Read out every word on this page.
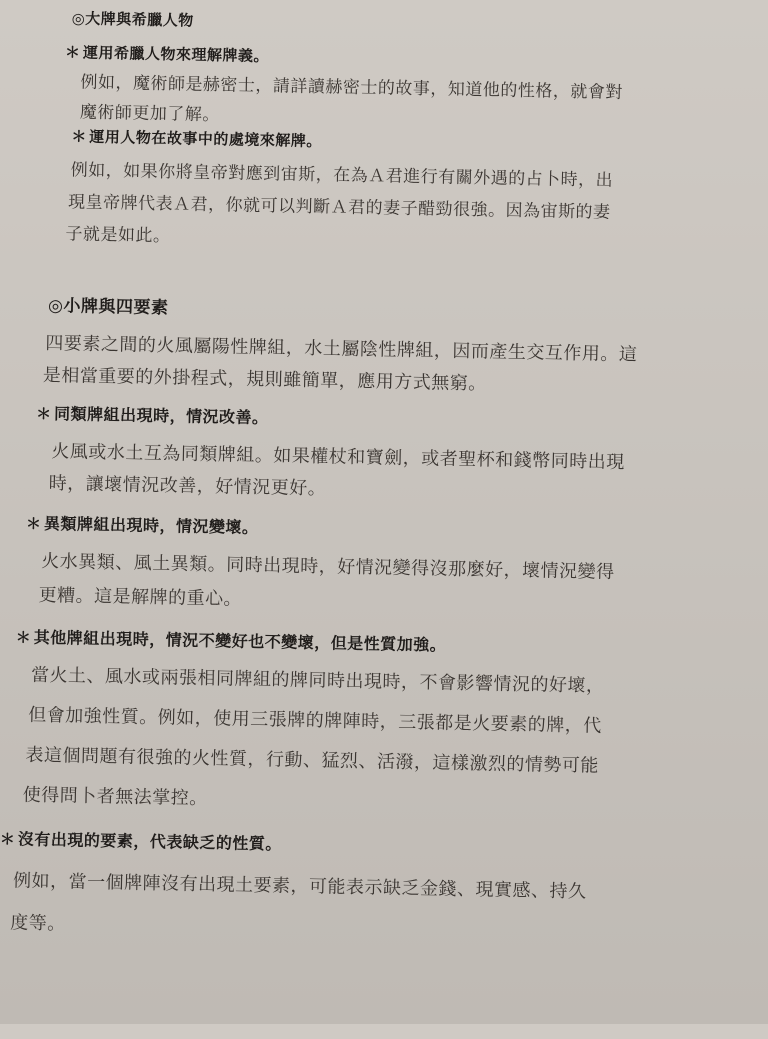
◎大牌與希臘人物
＊ 運用希臘人物來理解牌義。
例如，魔術師是赫密士，請詳讀赫密士的故事，知道他的性格，就會對
魔術師更加了解。
＊ 運用人物在故事中的處境來解牌。
例如，如果你將皇帝對應到宙斯，在為Ａ君進行有關外遇的占卜時，出
現皇帝牌代表Ａ君，你就可以判斷Ａ君的妻子醋勁很強。因為宙斯的妻
子就是如此。
◎小牌與四要素
四要素之間的火風屬陽性牌組，水土屬陰性牌組，因而產生交互作用。這
是相當重要的外掛程式，規則雖簡單，應用方式無窮。
＊ 同類牌組出現時，情況改善。
火風或水土互為同類牌組。如果權杖和寶劍，或者聖杯和錢幣同時出現
時，讓壞情況改善，好情況更好。
＊ 異類牌組出現時，情況變壞。
火水異類、風土異類。同時出現時，好情況變得沒那麼好，壞情況變得
更糟。這是解牌的重心。
＊ 其他牌組出現時，情況不變好也不變壞，但是性質加強。
當火土、風水或兩張相同牌組的牌同時出現時，不會影響情況的好壞，
但會加強性質。例如，使用三張牌的牌陣時，三張都是火要素的牌，代
表這個問題有很強的火性質，行動、猛烈、活潑，這樣激烈的情勢可能
使得問卜者無法掌控。
＊ 沒有出現的要素，代表缺乏的性質。
例如，當一個牌陣沒有出現土要素，可能表示缺乏金錢、現實感、持久
度等。
